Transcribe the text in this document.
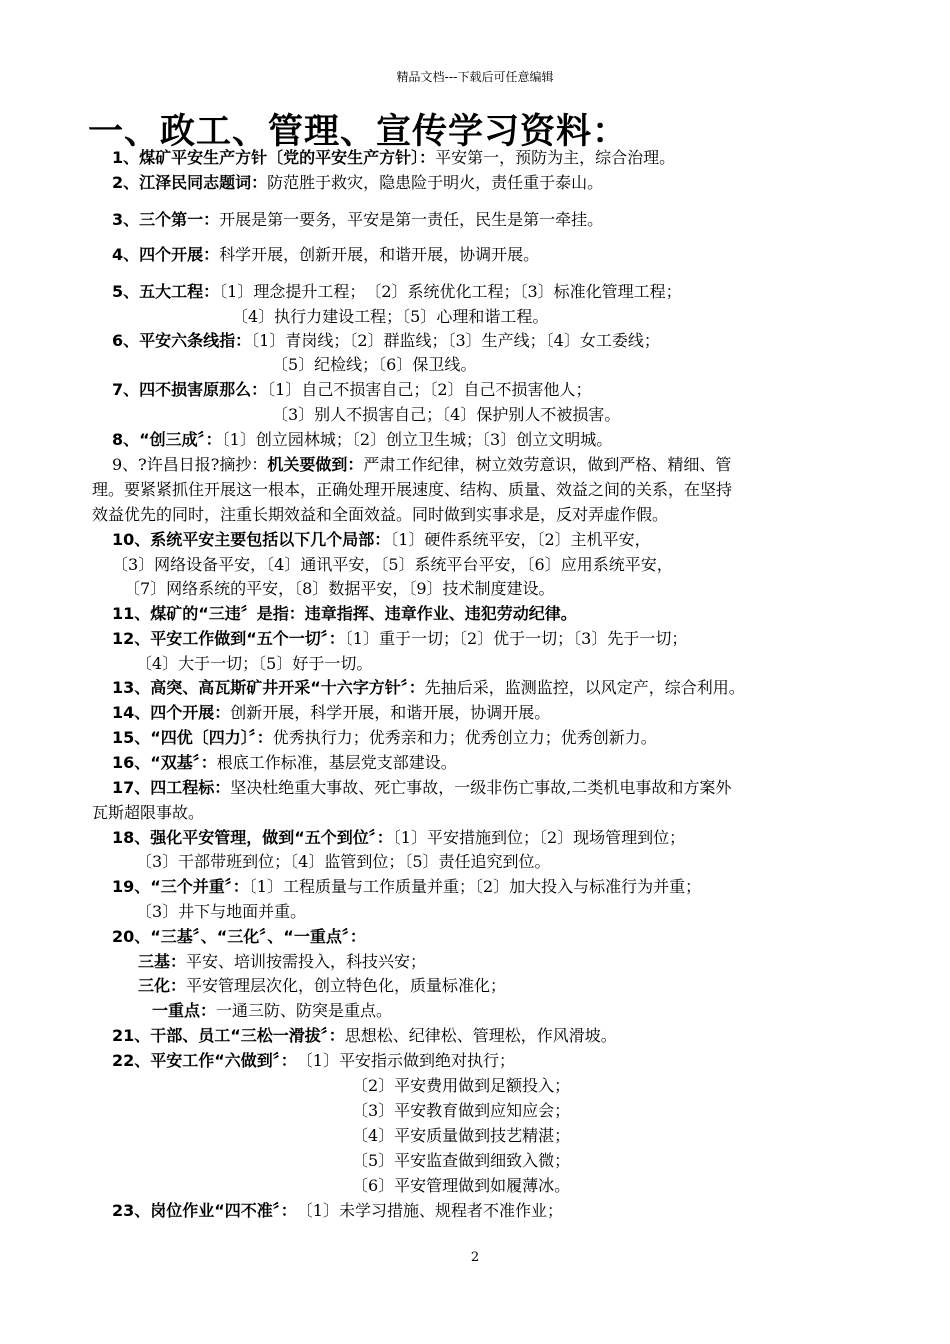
精品文档---下载后可任意编辑
一、政工、管理、宣传学习资料：
1、煤矿平安生产方针〔党的平安生产方针〕：平安第一，预防为主，综合治理。
2、江泽民同志题词：防范胜于救灾，隐患险于明火，责任重于泰山。
3、三个第一：开展是第一要务，平安是第一责任，民生是第一牵挂。
4、四个开展：科学开展，创新开展，和谐开展，协调开展。
5、五大工程：〔1〕理念提升工程；　〔2〕系统优化工程；〔3〕标准化管理工程；
〔4〕执行力建设工程；〔5〕心理和谐工程。
6、平安六条线指：〔1〕青岗线；〔2〕群监线；〔3〕生产线；〔4〕女工委线；
〔5〕纪检线；〔6〕保卫线。
7、四不损害原那么：〔1〕自己不损害自己；〔2〕自己不损害他人；
〔3〕别人不损害自己；〔4〕保护别人不被损害。
8、“创三成〞：〔1〕创立园林城；〔2〕创立卫生城；〔3〕创立文明城。
9、?许昌日报?摘抄：机关要做到：严肃工作纪律，树立效劳意识，做到严格、精细、管
理。要紧紧抓住开展这一根本，正确处理开展速度、结构、质量、效益之间的关系，在坚持
效益优先的同时，注重长期效益和全面效益。同时做到实事求是，反对弄虚作假。
10、系统平安主要包括以下几个局部：〔1〕硬件系统平安，〔2〕主机平安，
〔3〕网络设备平安，〔4〕通讯平安，〔5〕系统平台平安，〔6〕应用系统平安，
〔7〕网络系统的平安，〔8〕数据平安，〔9〕技术制度建设。
11、煤矿的“三违〞是指：违章指挥、违章作业、违犯劳动纪律。
12、平安工作做到“五个一切〞：〔1〕重于一切；〔2〕优于一切；〔3〕先于一切；
〔4〕大于一切；〔5〕好于一切。
13、高突、高瓦斯矿井开采“十六字方针〞：先抽后采，监测监控，以风定产，综合利用。
14、四个开展：创新开展，科学开展，和谐开展，协调开展。
15、“四优〔四力〕〞：优秀执行力；优秀亲和力；优秀创立力；优秀创新力。
16、“双基〞：根底工作标准，基层党支部建设。
17、四工程标：坚决杜绝重大事故、死亡事故，一级非伤亡事故,二类机电事故和方案外
瓦斯超限事故。
18、强化平安管理，做到“五个到位〞：〔1〕平安措施到位；〔2〕现场管理到位；
〔3〕干部带班到位；〔4〕监管到位；〔5〕责任追究到位。
19、“三个并重〞：〔1〕工程质量与工作质量并重；〔2〕加大投入与标准行为并重；
〔3〕井下与地面并重。
20、“三基〞、“三化〞、“一重点〞：
三基：平安、培训按需投入，科技兴安；
三化：平安管理层次化，创立特色化，质量标准化；
一重点：一通三防、防突是重点。
21、干部、员工“三松一滑拔〞：思想松、纪律松、管理松，作风滑坡。
22、平安工作“六做到〞：　〔1〕平安指示做到绝对执行；
〔2〕平安费用做到足额投入；
〔3〕平安教育做到应知应会；
〔4〕平安质量做到技艺精湛；
〔5〕平安监查做到细致入微；
〔6〕平安管理做到如履薄冰。
23、岗位作业“四不准〞：　〔1〕未学习措施、规程者不准作业；
2
